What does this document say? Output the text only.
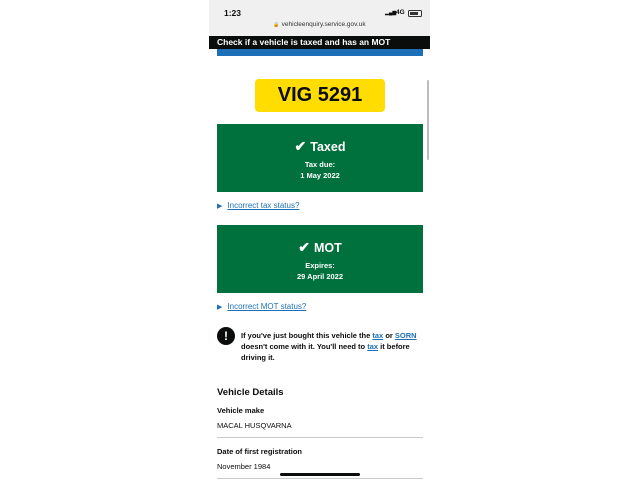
1:23	▂▄▆ 4G
🔒 vehicleenquiry.service.gov.uk
Check if a vehicle is taxed and has an MOT
VIG 5291
✔ Taxed
Tax due:
1 May 2022
▶ Incorrect tax status?
✔ MOT
Expires:
29 April 2022
▶ Incorrect MOT status?
!	If you've just bought this vehicle the tax or SORN doesn't come with it. You'll need to tax it before driving it.
Vehicle Details
Vehicle make
MACAL HUSQVARNA
Date of first registration
November 1984
